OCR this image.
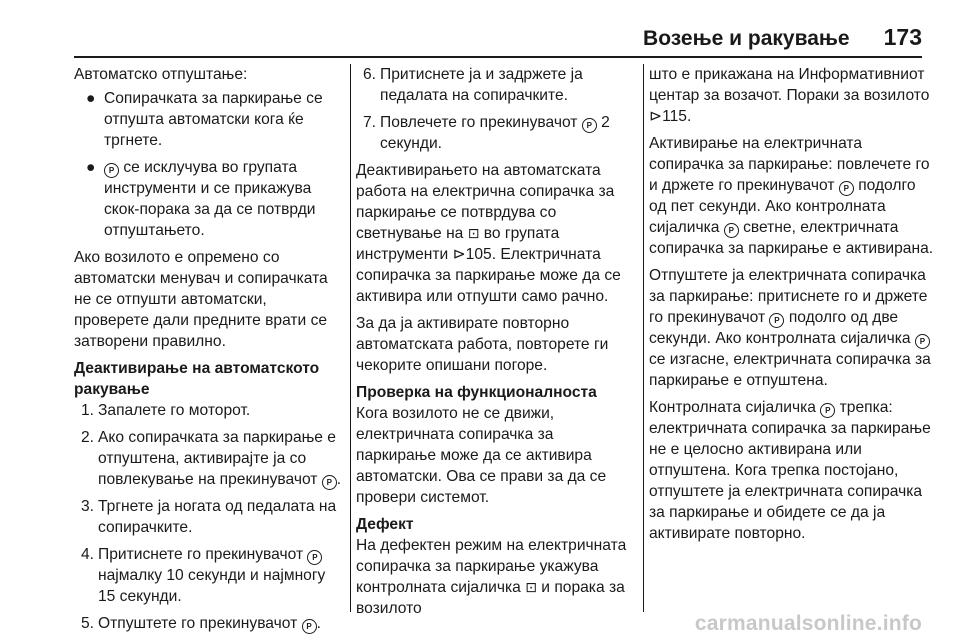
Возење и ракување 173

Автоматско отпуштање:

● Сопирачката за паркирање се отпушта автоматски кога ќе тргнете.
● P се исклучува во групата инструменти и се прикажува скок-порака за да се потврди отпуштањето.

Ако возилото е опремено со автоматски менувач и сопирачката не се отпушти автоматски, проверете дали предните врати се затворени правилно.

Деактивирање на автоматското ракување

1. Запалете го моторот.
2. Ако сопирачката за паркирање е отпуштена, активирајте ја со повлекување на прекинувачот P .
3. Тргнете ја ногата од педалата на сопирачките.
4. Притиснете го прекинувачот P најмалку 10 секунди и најмногу 15 секунди.
5. Отпуштете го прекинувачот P .
6. Притиснете ја и задржете ја педалата на сопирачките.
7. Повлечете го прекинувачот P 2 секунди.

Деактивирањето на автоматската работа на електрична сопирачка за паркирање се потврдува со светнување на ⊡ во групата инструменти ⊳105. Електричната сопирачка за паркирање може да се активира или отпушти само рачно.

За да ја активирате повторно автоматската работа, повторете ги чекорите опишани погоре.

Проверка на функционалноста

Кога возилото не се движи, електричната сопирачка за паркирање може да се активира автоматски. Ова се прави за да се провери системот.

Дефект

На дефектен режим на електричната сопирачка за паркирање укажува контролната сијаличка ⊡ и порака за возилото

што е прикажана на Информативниот центар за возачот. Пораки за возилото ⊳115.

Активирање на електричната сопирачка за паркирање: повлечете го и држете го прекинувачот P подолго од пет секунди. Ако контролната сијаличка P светне, електричната сопирачка за паркирање е активирана.

Отпуштете ја електричната сопирачка за паркирање: притиснете го и држете го прекинувачот P подолго од две секунди. Ако контролната сијаличка P се изгасне, електричната сопирачка за паркирање е отпуштена.

Контролната сијаличка P трепка: електричната сопирачка за паркирање не е целосно активирана или отпуштена. Кога трепка постојано, отпуштете ја електричната сопирачка за паркирање и обидете се да ја активирате повторно.

carmanualsonline.info
